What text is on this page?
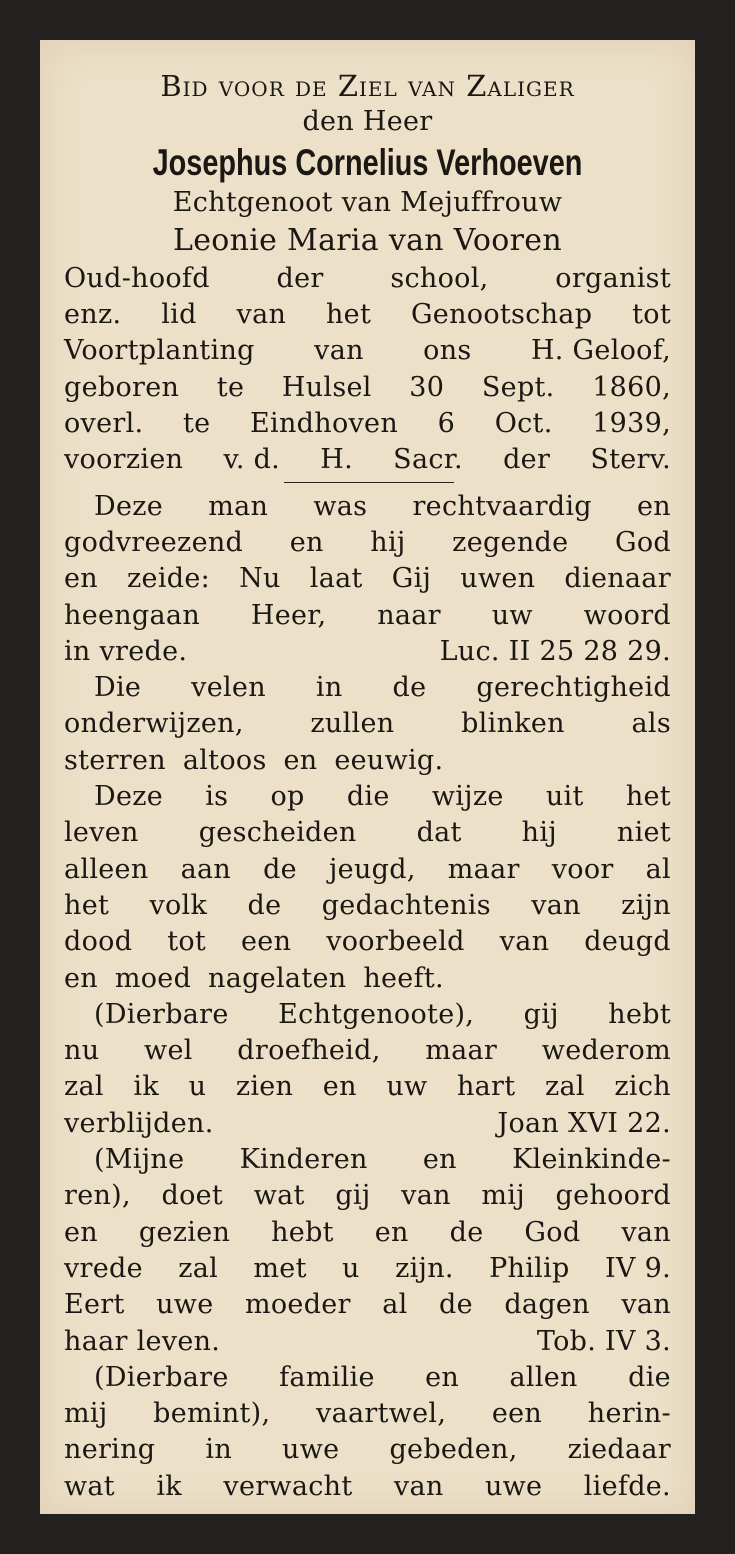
Bid voor de Ziel van Zaliger
den Heer
Josephus Cornelius Verhoeven
Echtgenoot van Mejuffrouw
Leonie Maria van Vooren
Oud-hoofd der school, organist
enz. lid van het Genootschap tot
Voortplanting van ons H. Geloof,
geboren te Hulsel 30 Sept. 1860,
overl. te Eindhoven 6 Oct. 1939,
voorzien v. d. H. Sacr. der Sterv.
Deze man was rechtvaardig en
godvreezend en hij zegende God
en zeide: Nu laat Gij uwen dienaar
heengaan Heer, naar uw woord
in vrede.	Luc. II 25 28 29.
Die velen in de gerechtigheid
onderwijzen, zullen blinken als
sterren altoos en eeuwig.
Deze is op die wijze uit het
leven gescheiden dat hij niet
alleen aan de jeugd, maar voor al
het volk de gedachtenis van zijn
dood tot een voorbeeld van deugd
en moed nagelaten heeft.
(Dierbare Echtgenoote), gij hebt
nu wel droefheid, maar wederom
zal ik u zien en uw hart zal zich
verblijden.	Joan XVI 22.
(Mijne Kinderen en Kleinkinde-
ren), doet wat gij van mij gehoord
en gezien hebt en de God van
vrede zal met u zijn. Philip IV 9.
Eert uwe moeder al de dagen van
haar leven.	Tob. IV 3.
(Dierbare familie en allen die
mij bemint), vaartwel, een herin-
nering in uwe gebeden, ziedaar
wat ik verwacht van uwe liefde.
